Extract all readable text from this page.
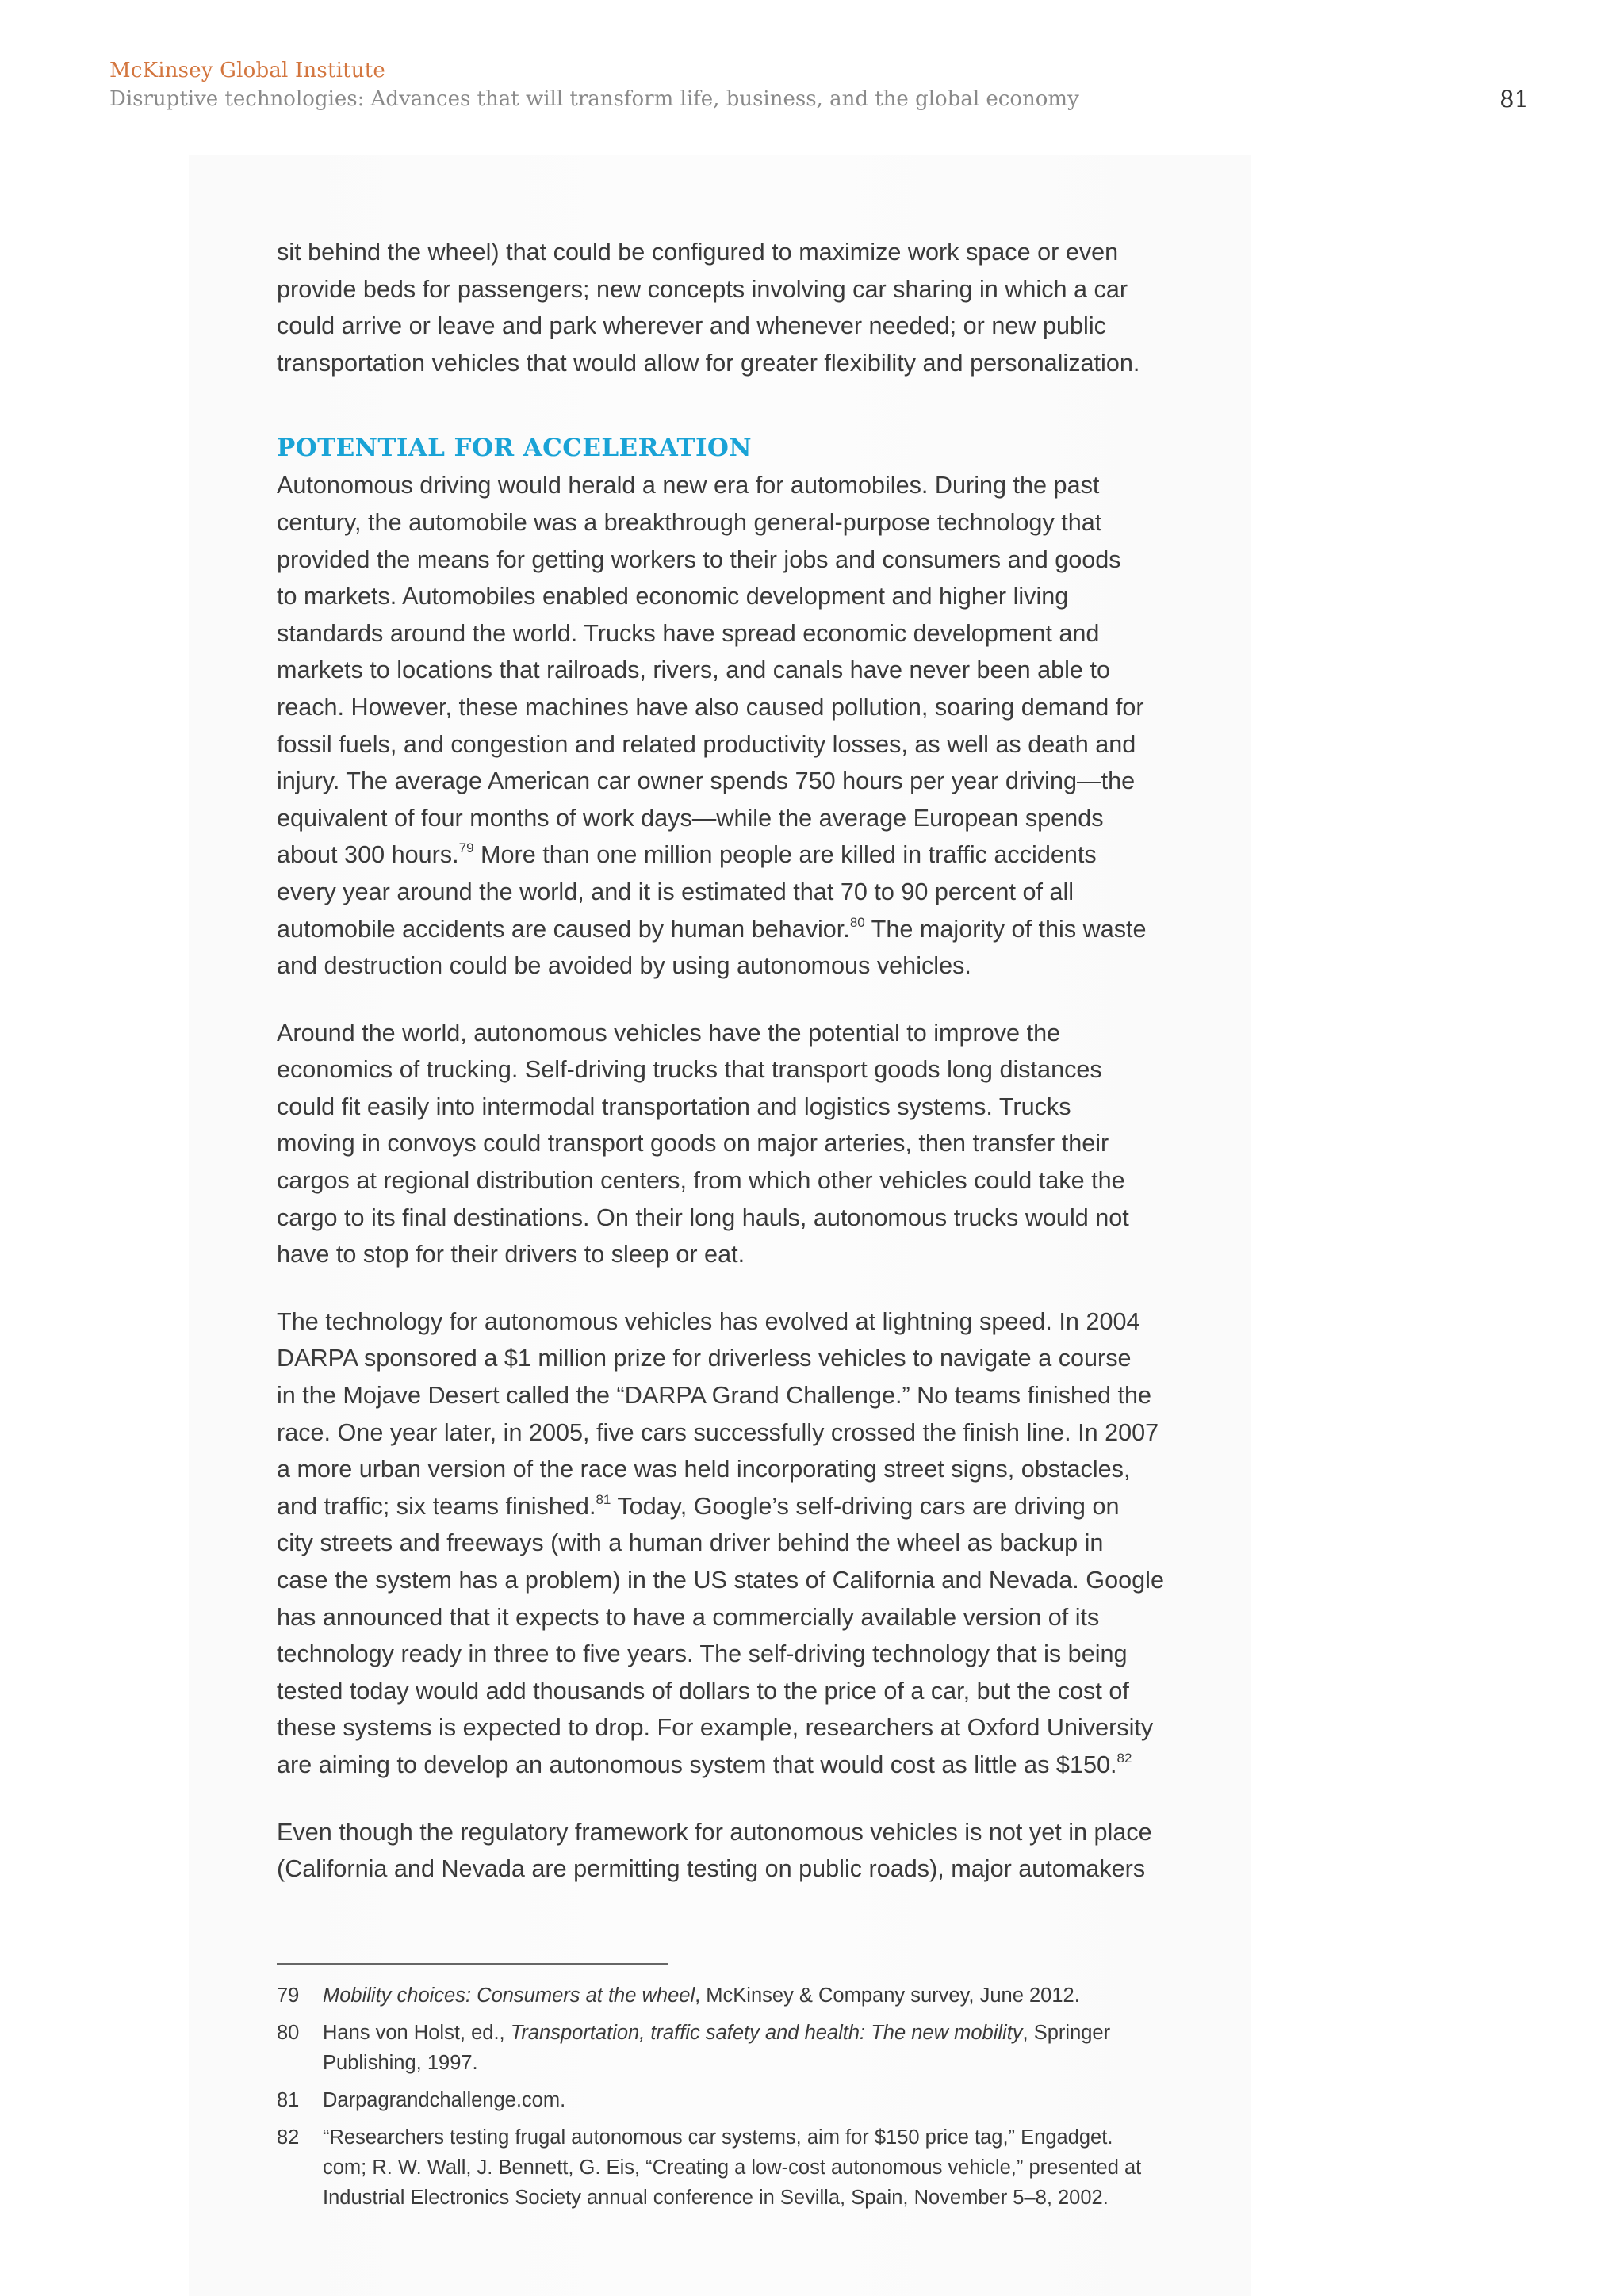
McKinsey Global Institute
Disruptive technologies: Advances that will transform life, business, and the global economy	81

sit behind the wheel) that could be configured to maximize work space or even
provide beds for passengers; new concepts involving car sharing in which a car
could arrive or leave and park wherever and whenever needed; or new public
transportation vehicles that would allow for greater flexibility and personalization.

POTENTIAL FOR ACCELERATION

Autonomous driving would herald a new era for automobiles. During the past
century, the automobile was a breakthrough general-purpose technology that
provided the means for getting workers to their jobs and consumers and goods
to markets. Automobiles enabled economic development and higher living
standards around the world. Trucks have spread economic development and
markets to locations that railroads, rivers, and canals have never been able to
reach. However, these machines have also caused pollution, soaring demand for
fossil fuels, and congestion and related productivity losses, as well as death and
injury. The average American car owner spends 750 hours per year driving—the
equivalent of four months of work days—while the average European spends
about 300 hours.$^{79}$ More than one million people are killed in traffic accidents
every year around the world, and it is estimated that 70 to 90 percent of all
automobile accidents are caused by human behavior.$^{80}$ The majority of this waste
and destruction could be avoided by using autonomous vehicles.

Around the world, autonomous vehicles have the potential to improve the
economics of trucking. Self-driving trucks that transport goods long distances
could fit easily into intermodal transportation and logistics systems. Trucks
moving in convoys could transport goods on major arteries, then transfer their
cargos at regional distribution centers, from which other vehicles could take the
cargo to its final destinations. On their long hauls, autonomous trucks would not
have to stop for their drivers to sleep or eat.

The technology for autonomous vehicles has evolved at lightning speed. In 2004
DARPA sponsored a $1 million prize for driverless vehicles to navigate a course
in the Mojave Desert called the “DARPA Grand Challenge.” No teams finished the
race. One year later, in 2005, five cars successfully crossed the finish line. In 2007
a more urban version of the race was held incorporating street signs, obstacles,
and traffic; six teams finished.$^{81}$ Today, Google’s self-driving cars are driving on
city streets and freeways (with a human driver behind the wheel as backup in
case the system has a problem) in the US states of California and Nevada. Google
has announced that it expects to have a commercially available version of its
technology ready in three to five years. The self-driving technology that is being
tested today would add thousands of dollars to the price of a car, but the cost of
these systems is expected to drop. For example, researchers at Oxford University
are aiming to develop an autonomous system that would cost as little as $150.82

Even though the regulatory framework for autonomous vehicles is not yet in place
(California and Nevada are permitting testing on public roads), major automakers

79 Mobility choices: Consumers at the wheel, McKinsey & Company survey, June 2012.
80 Hans von Holst, ed., Transportation, traffic safety and health: The new mobility, Springer
Publishing, 1997.
81 Darpagrandchallenge.com.
82 “Researchers testing frugal autonomous car systems, aim for $150 price tag,” Engadget.
com; R. W. Wall, J. Bennett, G. Eis, “Creating a low-cost autonomous vehicle,” presented at
Industrial Electronics Society annual conference in Sevilla, Spain, November 5–8, 2002.
